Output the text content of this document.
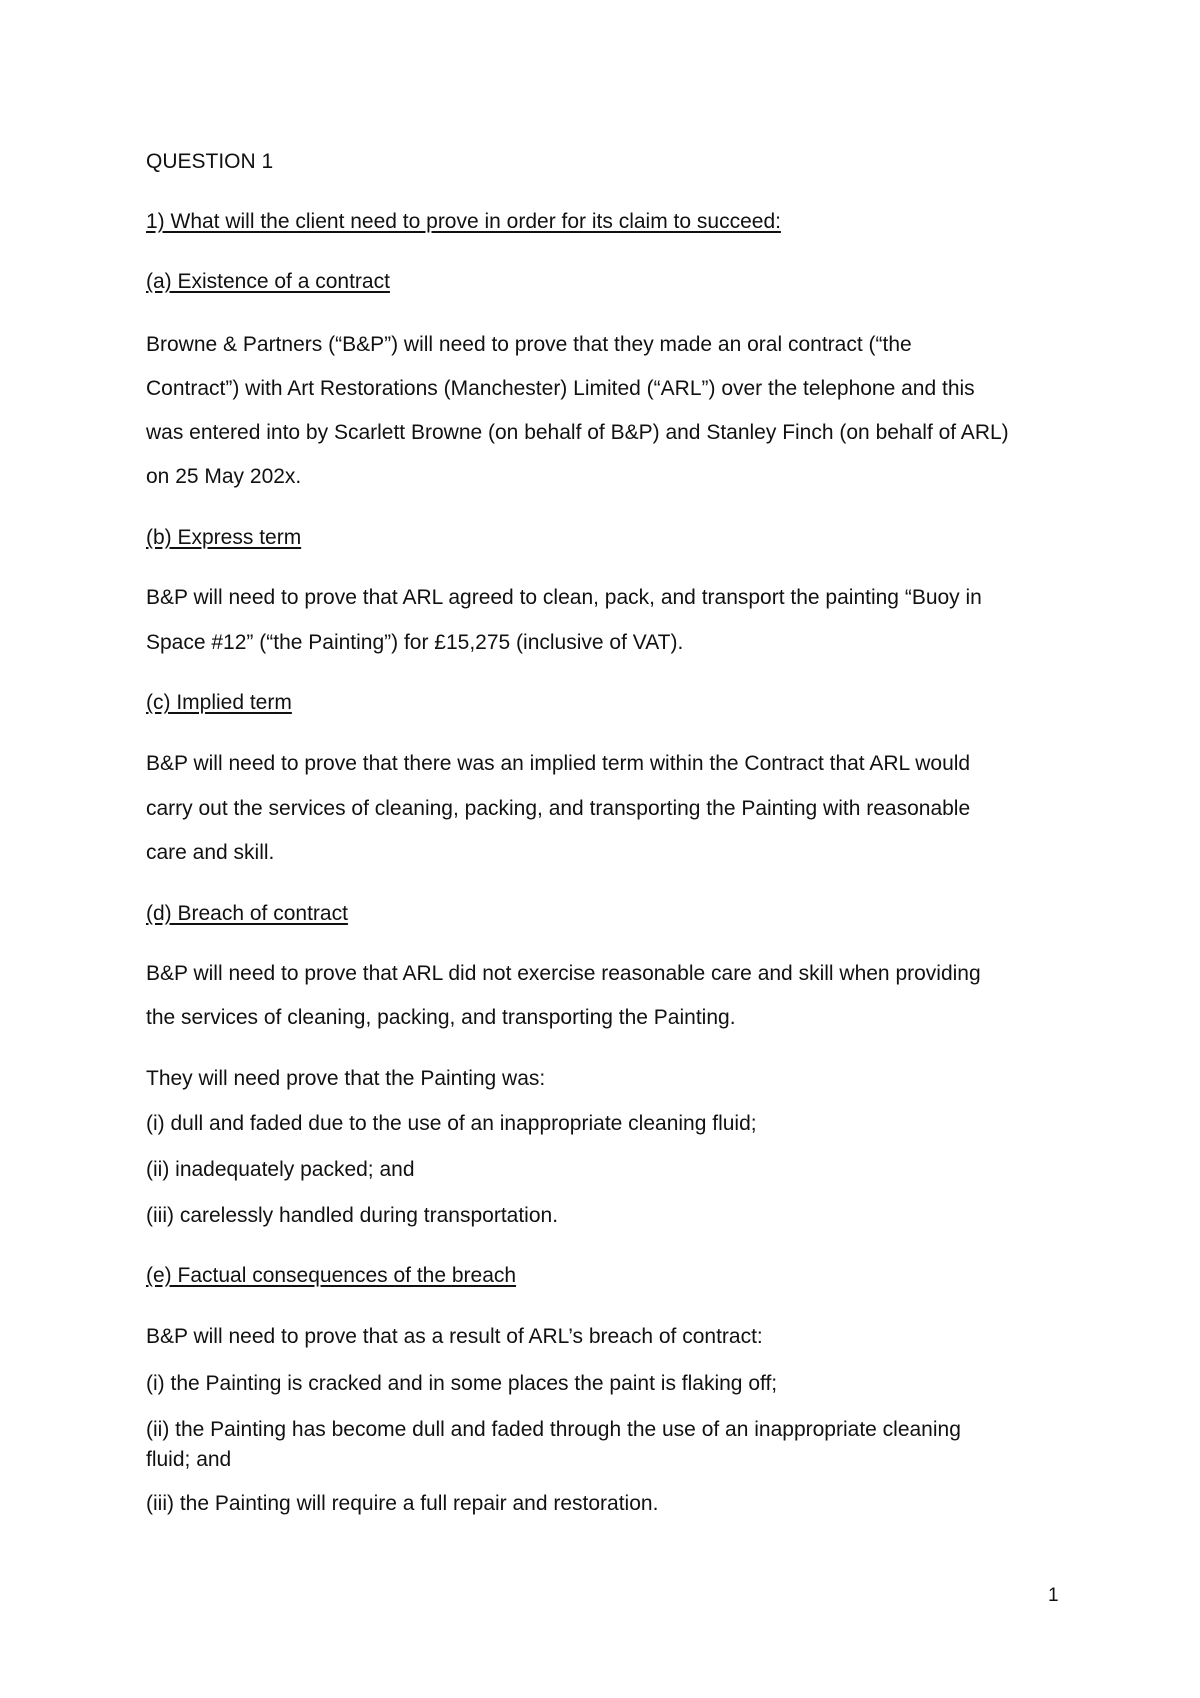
QUESTION 1

1) What will the client need to prove in order for its claim to succeed:

(a) Existence of a contract

Browne & Partners (“B&P”) will need to prove that they made an oral contract (“the

Contract”) with Art Restorations (Manchester) Limited (“ARL”) over the telephone and this

was entered into by Scarlett Browne (on behalf of B&P) and Stanley Finch (on behalf of ARL)

on 25 May 202x.

(b) Express term

B&P will need to prove that ARL agreed to clean, pack, and transport the painting “Buoy in

Space #12” (“the Painting”) for £15,275 (inclusive of VAT).

(c) Implied term

B&P will need to prove that there was an implied term within the Contract that ARL would

carry out the services of cleaning, packing, and transporting the Painting with reasonable

care and skill.

(d) Breach of contract

B&P will need to prove that ARL did not exercise reasonable care and skill when providing

the services of cleaning, packing, and transporting the Painting.

They will need prove that the Painting was:

(i) dull and faded due to the use of an inappropriate cleaning fluid;

(ii) inadequately packed; and

(iii) carelessly handled during transportation.

(e) Factual consequences of the breach

B&P will need to prove that as a result of ARL’s breach of contract:

(i) the Painting is cracked and in some places the paint is flaking off;

(ii) the Painting has become dull and faded through the use of an inappropriate cleaning

fluid; and

(iii) the Painting will require a full repair and restoration.

1
